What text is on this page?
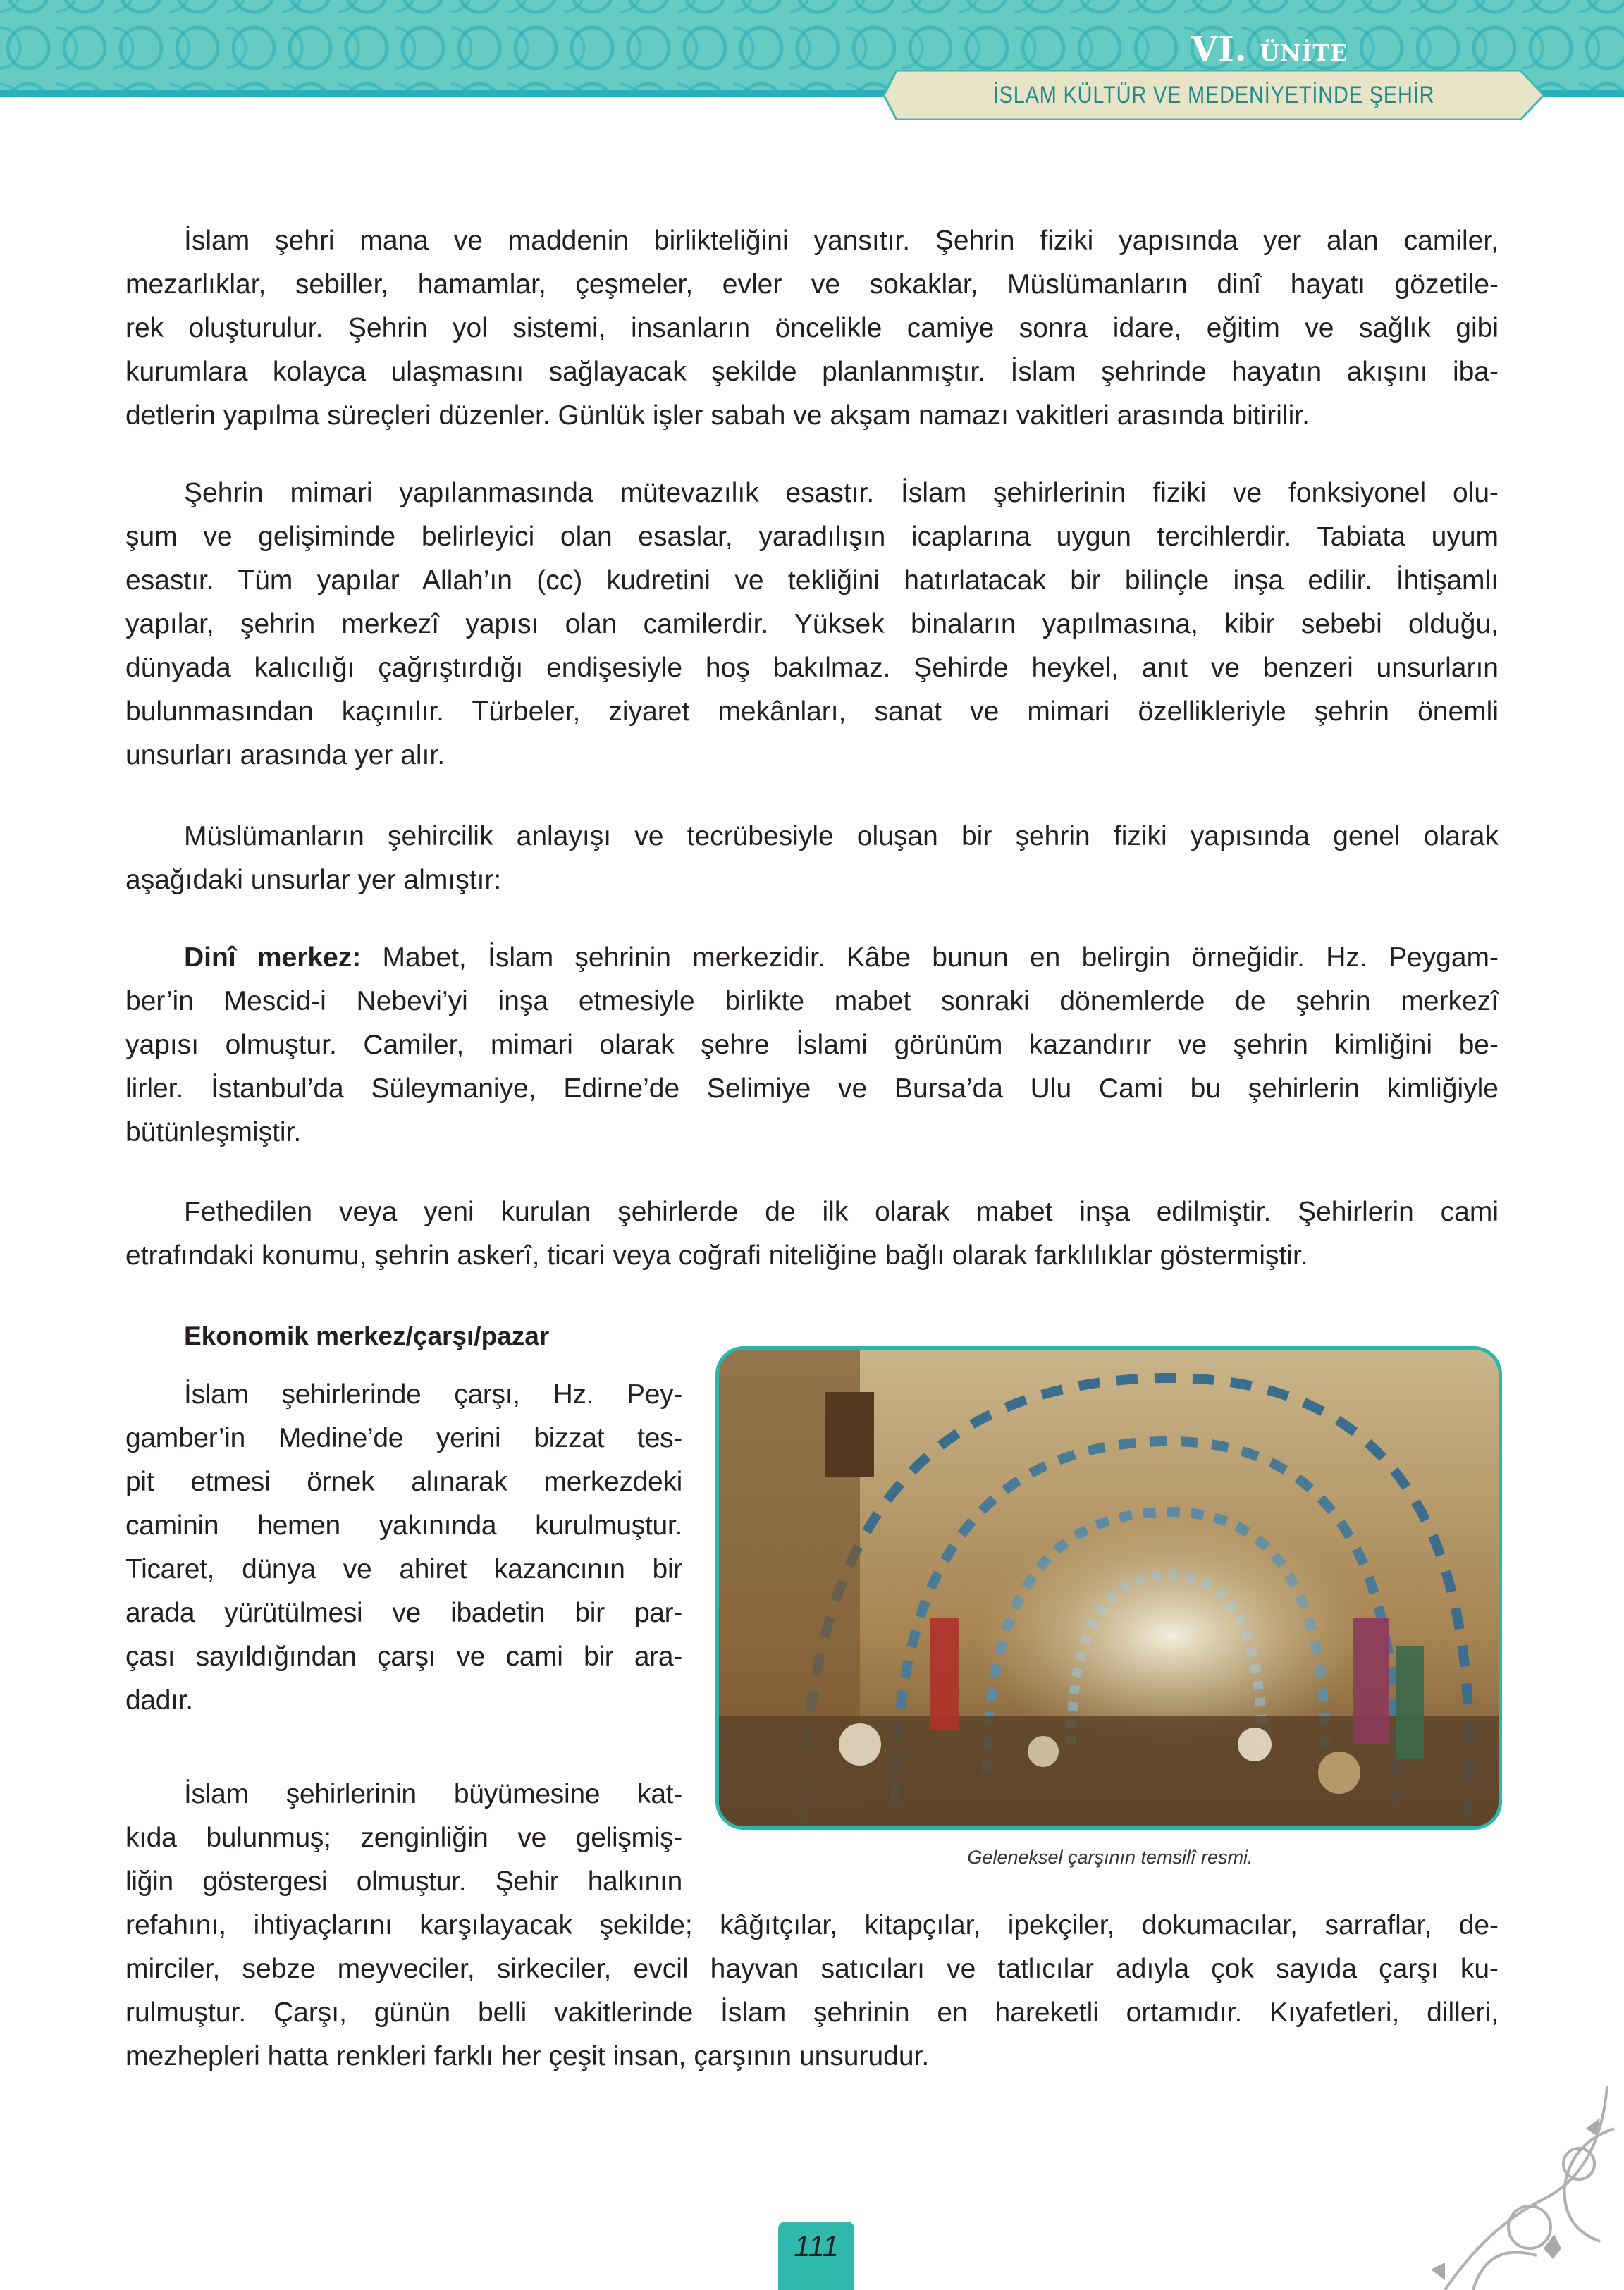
VI. ÜNİTE
İSLAM KÜLTÜR VE MEDENİYETİNDE ŞEHİR
İslam şehri mana ve maddenin birlikteliğini yansıtır. Şehrin fiziki yapısında yer alan camiler,
mezarlıklar, sebiller, hamamlar, çeşmeler, evler ve sokaklar, Müslümanların dinî hayatı gözetile-
rek oluşturulur. Şehrin yol sistemi, insanların öncelikle camiye sonra idare, eğitim ve sağlık gibi
kurumlara kolayca ulaşmasını sağlayacak şekilde planlanmıştır. İslam şehrinde hayatın akışını iba-
detlerin yapılma süreçleri düzenler. Günlük işler sabah ve akşam namazı vakitleri arasında bitirilir.
Şehrin mimari yapılanmasında mütevazılık esastır. İslam şehirlerinin fiziki ve fonksiyonel olu-
şum ve gelişiminde belirleyici olan esaslar, yaradılışın icaplarına uygun tercihlerdir. Tabiata uyum
esastır. Tüm yapılar Allah’ın (cc) kudretini ve tekliğini hatırlatacak bir bilinçle inşa edilir. İhtişamlı
yapılar, şehrin merkezî yapısı olan camilerdir. Yüksek binaların yapılmasına, kibir sebebi olduğu,
dünyada kalıcılığı çağrıştırdığı endişesiyle hoş bakılmaz. Şehirde heykel, anıt ve benzeri unsurların
bulunmasından kaçınılır. Türbeler, ziyaret mekânları, sanat ve mimari özellikleriyle şehrin önemli
unsurları arasında yer alır.
Müslümanların şehircilik anlayışı ve tecrübesiyle oluşan bir şehrin fiziki yapısında genel olarak
aşağıdaki unsurlar yer almıştır:
Dinî merkez: Mabet, İslam şehrinin merkezidir. Kâbe bunun en belirgin örneğidir. Hz. Peygam-
ber’in Mescid-i Nebevi’yi inşa etmesiyle birlikte mabet sonraki dönemlerde de şehrin merkezî
yapısı olmuştur. Camiler, mimari olarak şehre İslami görünüm kazandırır ve şehrin kimliğini be-
lirler. İstanbul’da Süleymaniye, Edirne’de Selimiye ve Bursa’da Ulu Cami bu şehirlerin kimliğiyle
bütünleşmiştir.
Fethedilen veya yeni kurulan şehirlerde de ilk olarak mabet inşa edilmiştir. Şehirlerin cami
etrafındaki konumu, şehrin askerî, ticari veya coğrafi niteliğine bağlı olarak farklılıklar göstermiştir.
Ekonomik merkez/çarşı/pazar
İslam şehirlerinde çarşı, Hz. Pey-
gamber’in Medine’de yerini bizzat tes-
pit etmesi örnek alınarak merkezdeki
caminin hemen yakınında kurulmuştur.
Ticaret, dünya ve ahiret kazancının bir
arada yürütülmesi ve ibadetin bir par-
çası sayıldığından çarşı ve cami bir ara-
dadır.
İslam şehirlerinin büyümesine kat-
kıda bulunmuş; zenginliğin ve gelişmiş-
liğin göstergesi olmuştur. Şehir halkının
refahını, ihtiyaçlarını karşılayacak şekilde; kâğıtçılar, kitapçılar, ipekçiler, dokumacılar, sarraflar, de-
mirciler, sebze meyveciler, sirkeciler, evcil hayvan satıcıları ve tatlıcılar adıyla çok sayıda çarşı ku-
rulmuştur. Çarşı, günün belli vakitlerinde İslam şehrinin en hareketli ortamıdır. Kıyafetleri, dilleri,
mezhepleri hatta renkleri farklı her çeşit insan, çarşının unsurudur.
Geleneksel çarşının temsilî resmi.
111
